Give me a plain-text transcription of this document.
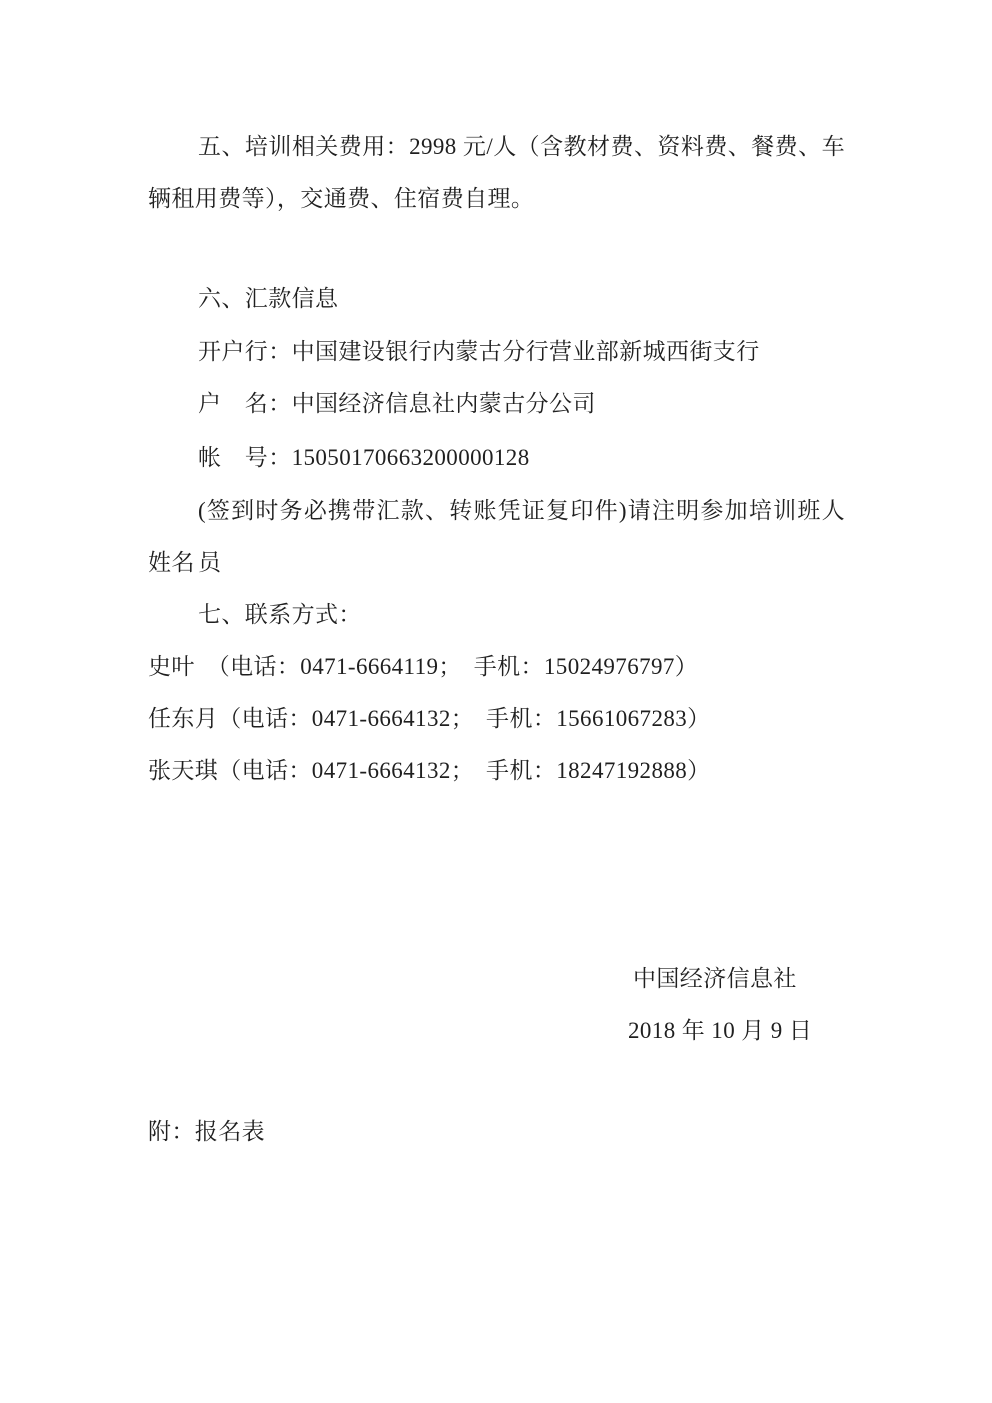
五、培训相关费用：2998 元/人（含教材费、资料费、餐费、车
辆租用费等），交通费、住宿费自理。
六、汇款信息
开户行：中国建设银行内蒙古分行营业部新城西街支行
户　名：中国经济信息社内蒙古分公司
帐　号：15050170663200000128
(签到时务必携带汇款、转账凭证复印件)请注明参加培训班人员
姓名
七、联系方式：
史叶　（电话：0471-6664119；　手机：15024976797）
任东月（电话：0471-6664132；　手机：15661067283）
张天琪（电话：0471-6664132；　手机：18247192888）
中国经济信息社
2018 年 10 月 9 日
附：报名表
